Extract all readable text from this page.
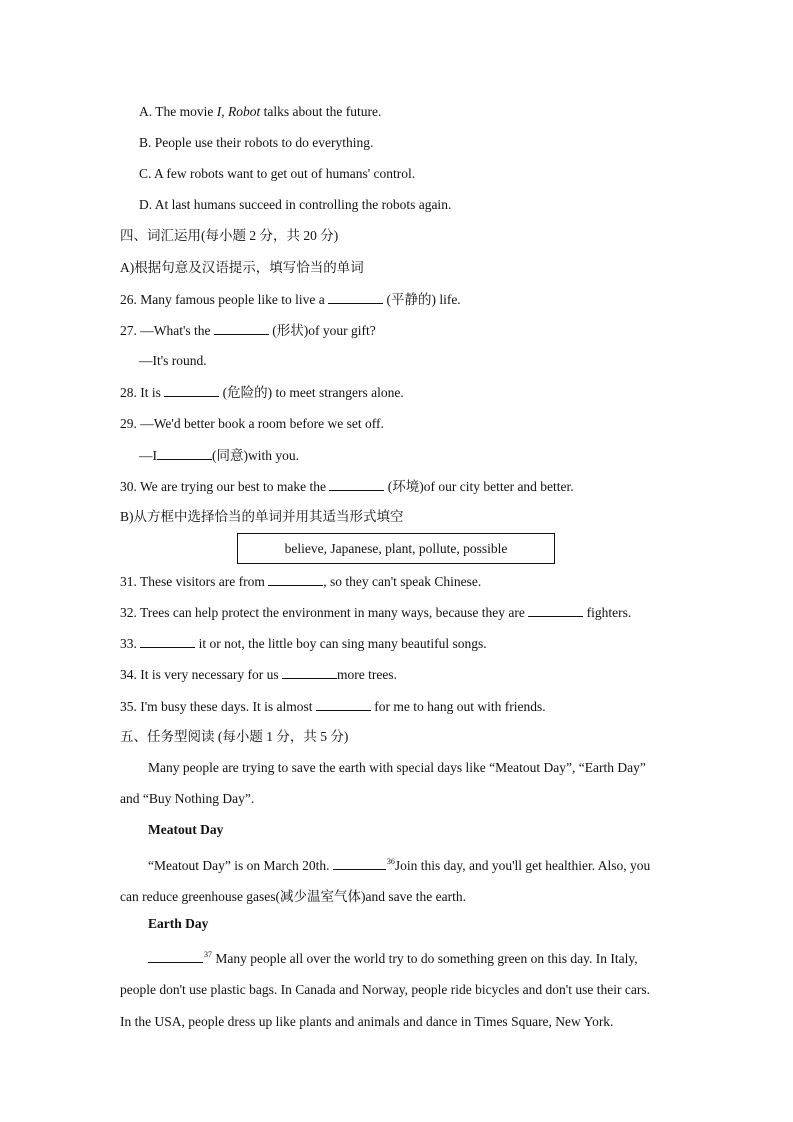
A. The movie I, Robot talks about the future.
B. People use their robots to do everything.
C. A few robots want to get out of humans' control.
D. At last humans succeed in controlling the robots again.
四、词汇运用(每小题 2 分，共 20 分)
A)根据句意及汉语提示，填写恰当的单词
26. Many famous people like to live a	(平静的) life.
27. —What's the	(形状)of your gift?
—It's round.
28. It is	(危险的) to meet strangers alone.
29. —We'd better book a room before we set off.
—I	(同意)with you.
30. We are trying our best to make the	(环境)of our city better and better.
B)从方框中选择恰当的单词并用其适当形式填空
believe, Japanese, plant, pollute, possible
31. These visitors are from	, so they can't speak Chinese.
32. Trees can help protect the environment in many ways, because they are	fighters.
33.	it or not, the little boy can sing many beautiful songs.
34. It is very necessary for us	more trees.
35. I'm busy these days. It is almost	for me to hang out with friends.
五、任务型阅读 (每小题 1 分，共 5 分)
Many people are trying to save the earth with special days like “Meatout Day”, “Earth Day”
and “Buy Nothing Day”.
Meatout Day
“Meatout Day” is on March 20th.	$^{36}$Join this day, and you'll get healthier. Also, you
can reduce greenhouse gases(减少温室气体)and save the earth.
Earth Day
$^{37}$ Many people all over the world try to do something green on this day. In Italy,
people don't use plastic bags. In Canada and Norway, people ride bicycles and don't use their cars.
In the USA, people dress up like plants and animals and dance in Times Square, New York.
